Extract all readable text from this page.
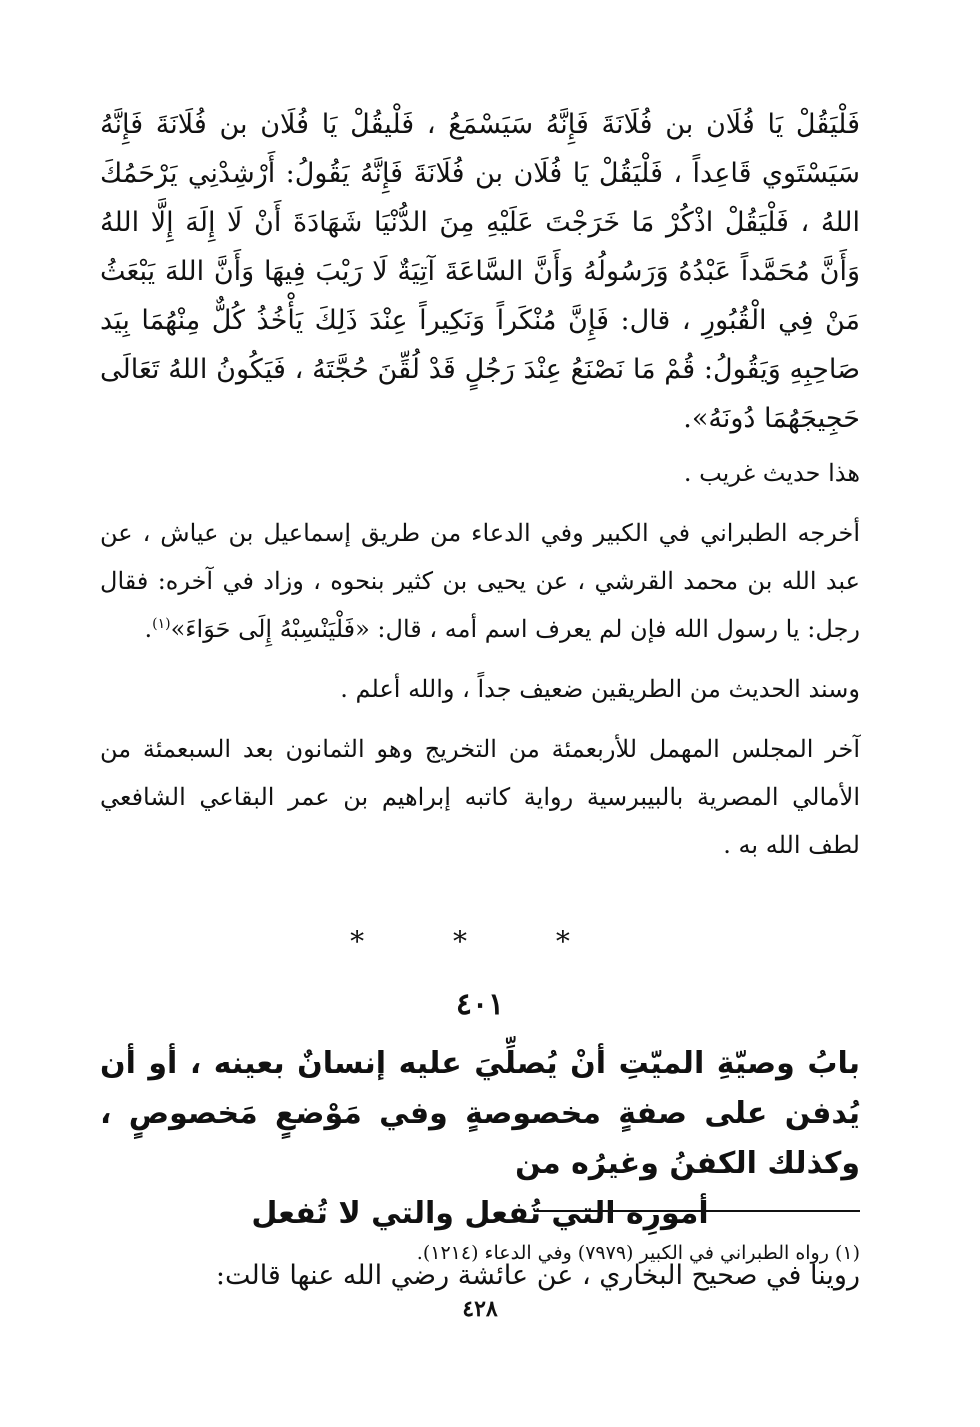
فَلْيَقُلْ يَا فُلَان بن فُلَانَةَ فَإِنَّهُ سَيَسْمَعُ ، فَلْيقُلْ يَا فُلَان بن فُلَانَةَ فَإِنَّهُ سَيَسْتَوي قَاعِداً ، فَلْيَقُلْ يَا فُلَان بن فُلَانَةَ فَإِنَّهُ يَقُولُ: أَرْشِدْنِي يَرْحَمُكَ اللهُ ، فَلْيَقُلْ اذْكُرْ مَا خَرَجْتَ عَلَيْهِ مِنَ الدُّنْيَا شَهَادَةَ أَنْ لَا إِلَهَ إِلَّا اللهُ وَأَنَّ مُحَمَّداً عَبْدُهُ وَرَسُولُهُ وَأَنَّ السَّاعَةَ آتِيَةٌ لَا رَيْبَ فِيهَا وَأَنَّ اللهَ يَبْعَثُ مَنْ فِي الْقُبُورِ ، قال: فَإِنَّ مُنْكَراً وَنَكِيراً عِنْدَ ذَلِكَ يَأْخُذُ كُلٌّ مِنْهُمَا بِيَد صَاحِبِهِ وَيَقُولُ: قُمْ مَا نَصْنَعُ عِنْدَ رَجُلٍ قَدْ لُقِّنَ حُجَّتَهُ ، فَيَكُونُ اللهُ تَعَالَى حَجِيجَهُمَا دُونَهُ».

هذا حديث غريب .

أخرجه الطبراني في الكبير وفي الدعاء من طريق إسماعيل بن عياش ، عن عبد الله بن محمد القرشي ، عن يحيى بن كثير بنحوه ، وزاد في آخره: فقال رجل: يا رسول الله فإن لم يعرف اسم أمه ، قال: «فَلْيَنْسِبْهُ إِلَى حَوَاءَ»$^{(١)}$.

وسند الحديث من الطريقين ضعيف جداً ، والله أعلم .

آخر المجلس المهمل للأربعمئة من التخريج وهو الثمانون بعد السبعمئة من الأمالي المصرية بالبيبرسية رواية كاتبه إبراهيم بن عمر البقاعي الشافعي لطف الله به .

* * *
٤٠١
بابُ وصيّةِ الميّتِ أنْ يُصلِّيَ عليه إنسانٌ بعينه ، أو أن يُدفن على صفةٍ مخصوصةٍ وفي مَوْضعٍ مَخصوصٍ ، وكذلك الكفنُ وغيرُه من
أمورِه التي تُفعل والتي لا تُفعل

روينا في صحيح البخاري ، عن عائشة رضي الله عنها قالت:

(١) رواه الطبراني في الكبير (٧٩٧٩) وفي الدعاء (١٢١٤).
٤٢٨
